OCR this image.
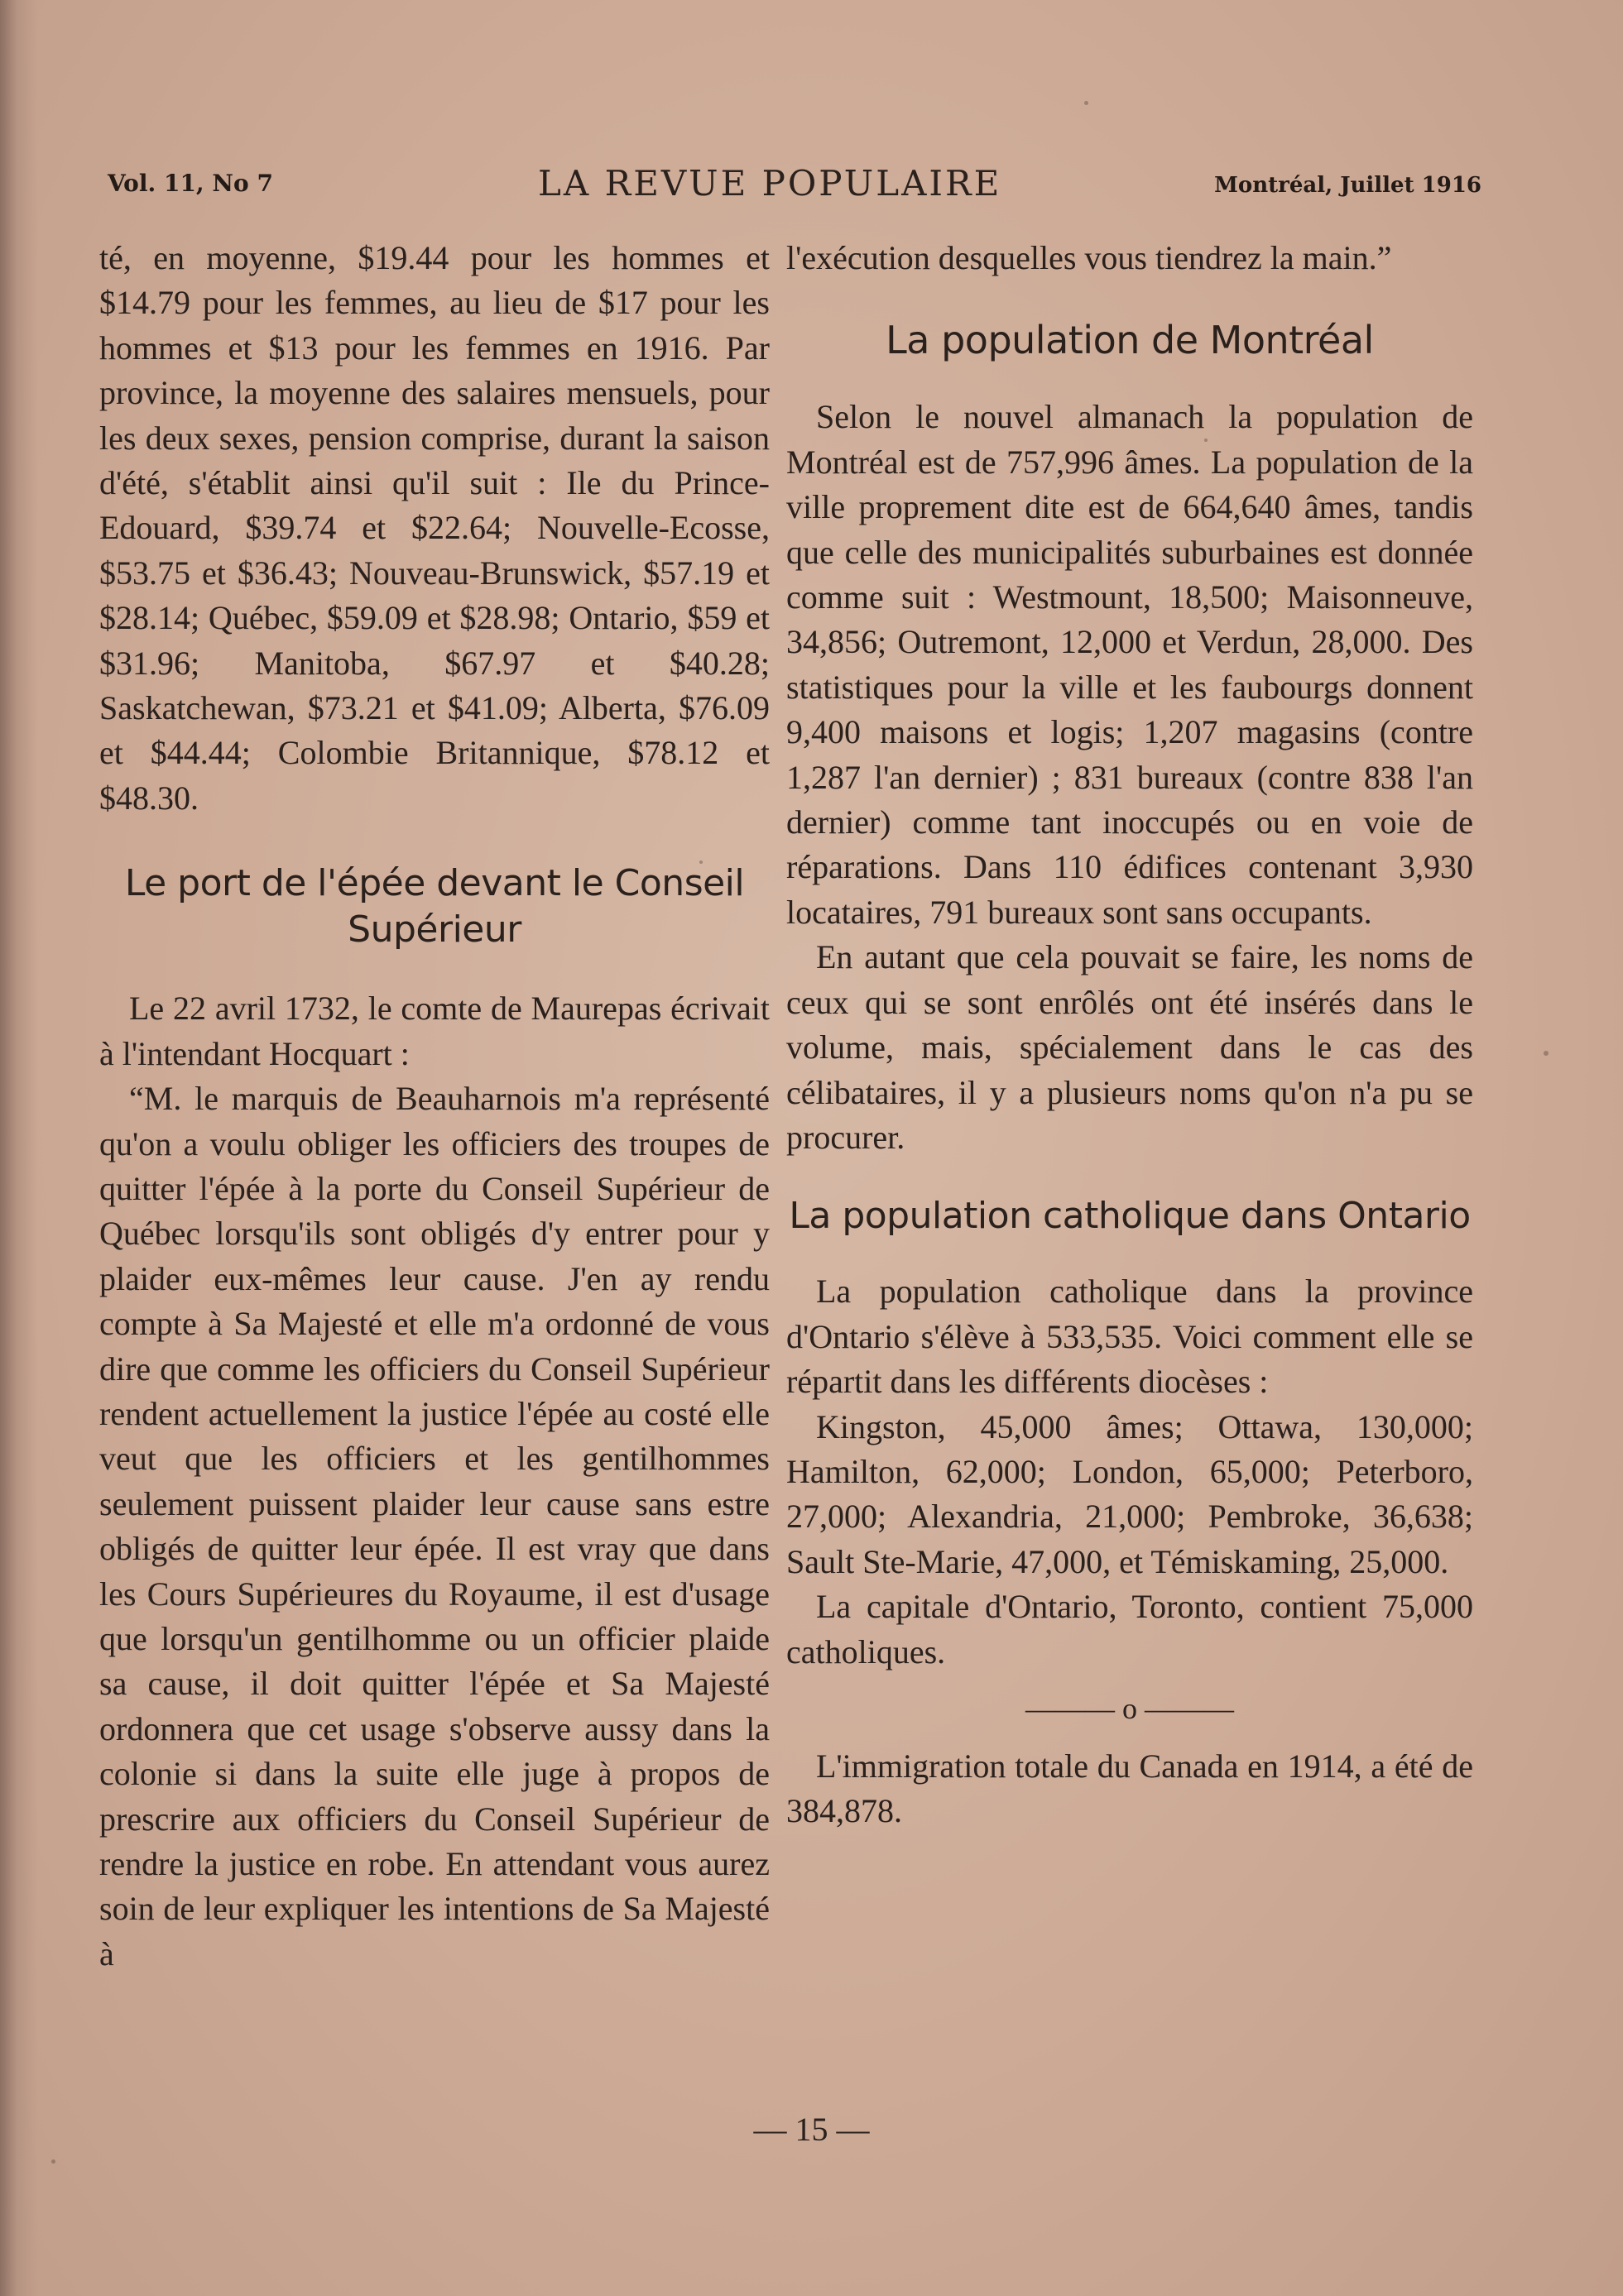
Vol. 11, No 7	LA REVUE POPULAIRE	Montréal, Juillet 1916

té, en moyenne, $19.44 pour les hommes et $14.79 pour les femmes, au lieu de $17 pour les hommes et $13 pour les femmes en 1916. Par province, la moyenne des salaires mensuels, pour les deux sexes, pension comprise, durant la saison d'été, s'établit ainsi qu'il suit : Ile du Prince-Edouard, $39.74 et $22.64; Nouvelle-Ecosse, $53.75 et $36.43; Nouveau-Brunswick, $57.19 et $28.14; Québec, $59.09 et $28.98; Ontario, $59 et $31.96; Manitoba, $67.97 et $40.28; Saskatchewan, $73.21 et $41.09; Alberta, $76.09 et $44.44; Colombie Britannique, $78.12 et $48.30.

Le port de l'épée devant le Conseil
Supérieur

Le 22 avril 1732, le comte de Maurepas écrivait à l'intendant Hocquart :

“M. le marquis de Beauharnois m'a représenté qu'on a voulu obliger les officiers des troupes de quitter l'épée à la porte du Conseil Supérieur de Québec lorsqu'ils sont obligés d'y entrer pour y plaider eux-mêmes leur cause. J'en ay rendu compte à Sa Majesté et elle m'a ordonné de vous dire que comme les officiers du Conseil Supérieur rendent actuellement la justice l'épée au costé elle veut que les officiers et les gentilhommes seulement puissent plaider leur cause sans estre obligés de quitter leur épée. Il est vray que dans les Cours Supérieures du Royaume, il est d'usage que lorsqu'un gentilhomme ou un officier plaide sa cause, il doit quitter l'épée et Sa Majesté ordonnera que cet usage s'observe aussy dans la colonie si dans la suite elle juge à propos de prescrire aux officiers du Conseil Supérieur de rendre la justice en robe. En attendant vous aurez soin de leur expliquer les intentions de Sa Majesté à

l'exécution desquelles vous tiendrez la main.”

La population de Montréal

Selon le nouvel almanach la population de Montréal est de 757,996 âmes. La population de la ville proprement dite est de 664,640 âmes, tandis que celle des municipalités suburbaines est donnée comme suit : Westmount, 18,500; Maisonneuve, 34,856; Outremont, 12,000 et Verdun, 28,000. Des statistiques pour la ville et les faubourgs donnent 9,400 maisons et logis; 1,207 magasins (contre 1,287 l'an dernier) ; 831 bureaux (contre 838 l'an dernier) comme tant inoccupés ou en voie de réparations. Dans 110 édifices contenant 3,930 locataires, 791 bureaux sont sans occupants.

En autant que cela pouvait se faire, les noms de ceux qui se sont enrôlés ont été insérés dans le volume, mais, spécialement dans le cas des célibataires, il y a plusieurs noms qu'on n'a pu se procurer.

La population catholique dans Ontario

La population catholique dans la province d'Ontario s'élève à 533,535. Voici comment elle se répartit dans les différents diocèses :

Kingston, 45,000 âmes; Ottawa, 130,000; Hamilton, 62,000; London, 65,000; Peterboro, 27,000; Alexandria, 21,000; Pembroke, 36,638; Sault Ste-Marie, 47,000, et Témiskaming, 25,000.

La capitale d'Ontario, Toronto, contient 75,000 catholiques.

——— o ———

L'immigration totale du Canada en 1914, a été de 384,878.

— 15 —
